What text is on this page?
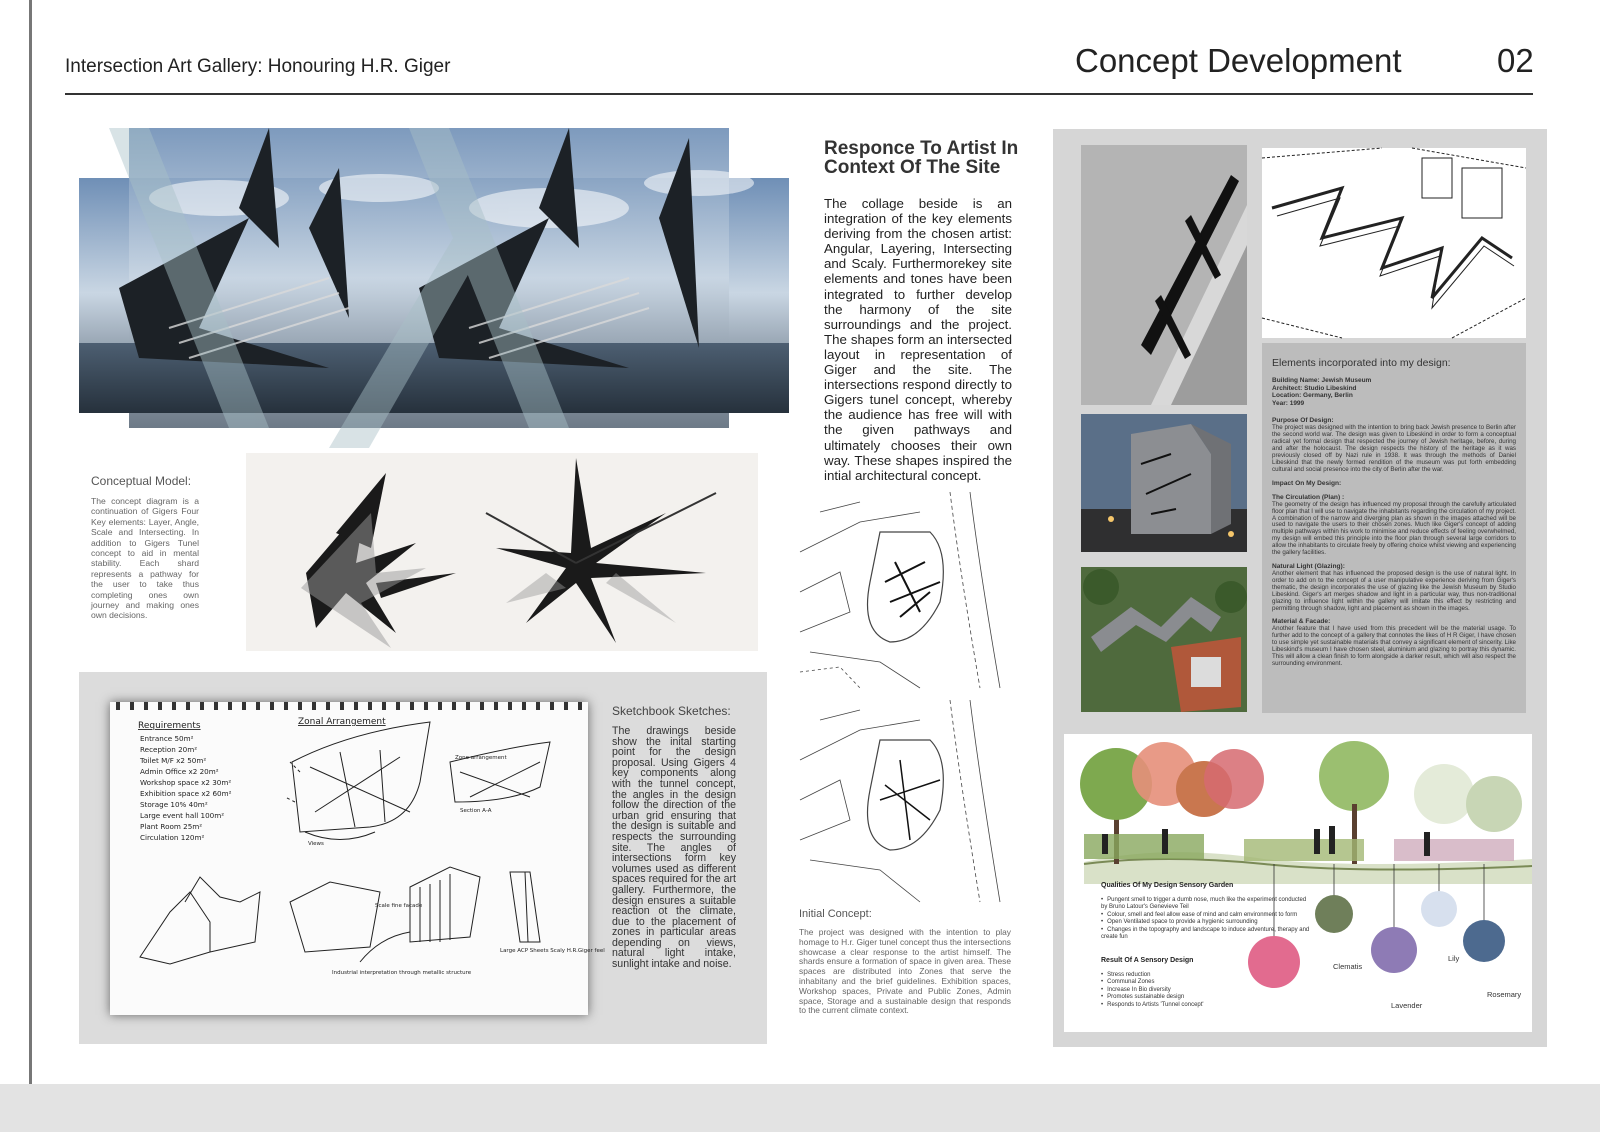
Intersection Art Gallery: Honouring H.R. Giger	Concept Development	02
Conceptual Model:
The concept diagram is a continuation of Gigers Four Key elements: Layer, Angle, Scale and Intersecting. In addition to Gigers Tunel concept to aid in mental stability. Each shard represents a pathway for the user to take thus completing ones own journey and making ones own decisions.
Requirements
Entrance 50m²
Reception 20m²
Toilet M/F x2 50m²
Admin Office x2 20m²
Workshop space x2 30m²
Exhibition space x2 60m²
Storage 10% 40m²
Large event hall 100m²
Plant Room 25m²
Circulation 120m²
Zonal Arrangement
Zone arrangement
Views
Section A-A
Scale fine facade
Industrial interpretation through metallic structure
Large ACP Sheets Scaly H.R.Giger feel
Sketchbook Sketches:
The drawings beside show the inital starting point for the design proposal. Using Gigers 4 key components along with the tunnel concept, the angles in the design follow the direction of the urban grid ensuring that the design is suitable and respects the surrounding site. The angles of intersections form key volumes used as different spaces required for the art gallery. Furthermore, the design ensures a suitable reaction ot the climate, due to the placement of zones in particular areas depending on views, natural light intake, sunlight intake and noise.
Responce To Artist In Context Of The Site
The collage beside is an integration of the key elements deriving from the chosen artist: Angular, Layering, Intersecting and Scaly. Furthermorekey site elements and tones have been integrated to further develop the harmony of the site surroundings and the project. The shapes form an intersected layout in representation of Giger and the site. The intersections respond directly to Gigers tunel concept, whereby the audience has free will with the given pathways and ultimately chooses their own way. These shapes inspired the intial architectural concept.
Initial Concept:
The project was designed with the intention to play homage to H.r. Giger tunel concept thus the intersections showcase a clear response to the artist himself. The shards ensure a formation of space in given area. These spaces are distributed into Zones that serve the inhabitany and the brief guidelines. Exhibition spaces, Workshop spaces, Private and Public Zones, Admin space, Storage and a sustainable design that responds to the current climate context.
Elements incorporated into my design:
Building Name: Jewish Museum
Architect: Studio Libeskind
Location: Germany, Berlin
Year: 1999
Purpose Of Design:
The project was designed with the intention to bring back Jewish presence to Berlin after the second world war. The design was given to Libeskind in order to form a conceptual radical yet formal design that respected the journey of Jewish heritage, before, during and after the holocaust. The design respects the history of the heritage as it was previously closed off by Nazi rule in 1938. It was through the methods of Daniel Libeskind that the newly formed rendition of the museum was put forth embedding cultural and social presence into the city of Berlin after the war.
Impact On My Design:
The Circulation (Plan) :
The geometry of the design has influenced my proposal through the carefully articulated floor plan that I will use to navigate the inhabitants regarding the circulation of my project. A combination of the narrow and diverging plan as shown in the images attached will be used to navigate the users to their chosen zones. Much like Giger's concept of adding multiple pathways within his work to minimise and reduce effects of feeling overwhelmed, my design will embed this principle into the floor plan through several large corridors to allow the inhabitants to circulate freely by offering choice whilst viewing and experiencing the gallery facilities.
Natural Light (Glazing):
Another element that has influenced the proposed design is the use of natural light. In order to add on to the concept of a user manipulative experience deriving from Giger's thematic, the design incorporates the use of glazing like the Jewish Museum by Studio Libeskind. Giger's art merges shadow and light in a particular way, thus non-traditional glazing to influence light within the gallery will imitate this effect by restricting and permitting through shadow, light and placement as shown in the images.
Material & Facade:
Another feature that I have used from this precedent will be the material usage. To further add to the concept of a gallery that connotes the likes of H R Giger, I have chosen to use simple yet sustainable materials that convey a significant element of sincerity. Like Libeskind's museum I have chosen steel, aluminium and glazing to portray this dynamic. This will allow a clean finish to form alongside a darker result, which will also respect the surrounding environment.
Clematis
Lavender
Lily
Rosemary
Qualities Of My Design Sensory Garden
• Pungent smell to trigger a dumb nose, much like the experiment conducted by Bruno Latour's Genevieve Teil
• Colour, smell and feel allow ease of mind and calm environment to form
• Open Ventilated space to provide a hygienic surrounding
• Changes in the topography and landscape to induce adventure, therapy and create fun
Result Of A Sensory Design
• Stress reduction
• Communal Zones
• Increase In Bio diversity
• Promotes sustainable design
• Responds to Artists 'Tunnel concept'
